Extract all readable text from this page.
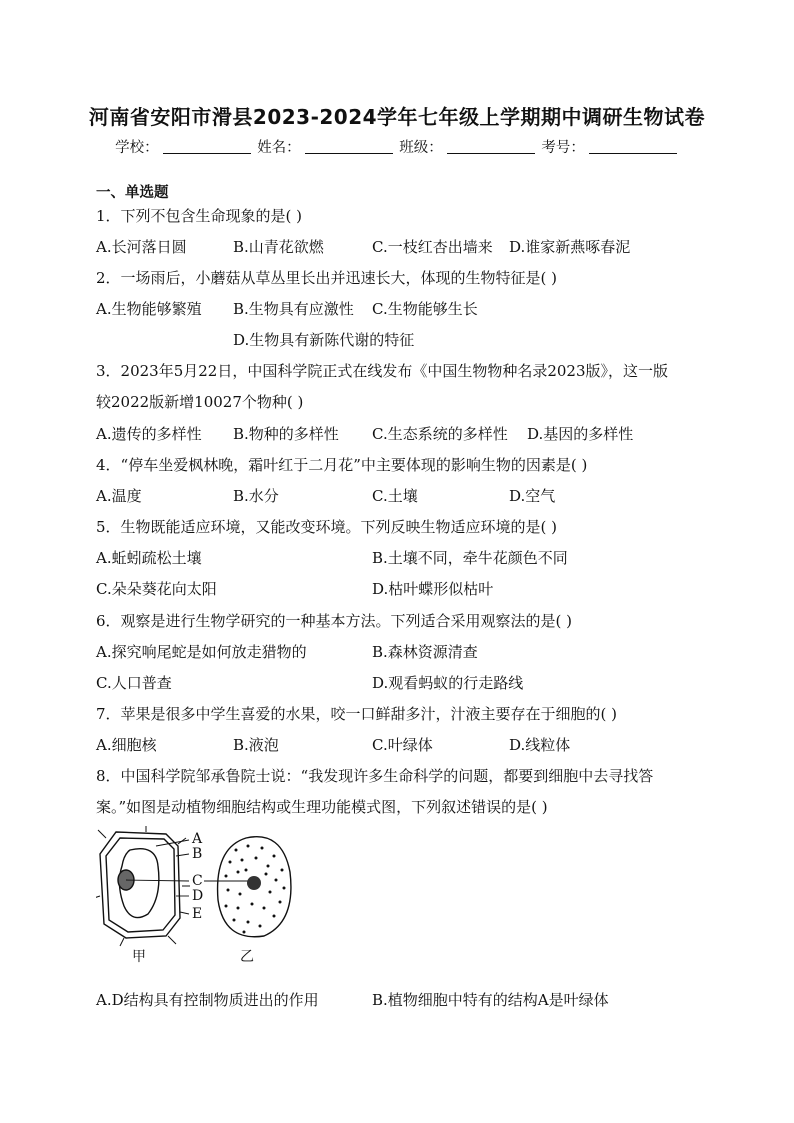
河南省安阳市滑县2023-2024学年七年级上学期期中调研生物试卷
学校：	姓名：	班级：	考号：
一、单选题
1．下列不包含生命现象的是( )
A.长河落日圆	B.山青花欲燃	C.一枝红杏出墙来 D.谁家新燕啄春泥
2．一场雨后，小蘑菇从草丛里长出并迅速长大，体现的生物特征是( )
A.生物能够繁殖 B.生物具有应激性 C.生物能够生长
D.生物具有新陈代谢的特征
3．2023年5月22日，中国科学院正式在线发布《中国生物物种名录2023版》，这一版
较2022版新增10027个物种( )
A.遗传的多样性 B.物种的多样性 C.生态系统的多样性 D.基因的多样性
4．“停车坐爱枫林晚，霜叶红于二月花”中主要体现的影响生物的因素是( )
A.温度	B.水分	C.土壤	D.空气
5．生物既能适应环境，又能改变环境。下列反映生物适应环境的是( )
A.蚯蚓疏松土壤	B.土壤不同，牵牛花颜色不同
C.朵朵葵花向太阳	D.枯叶蝶形似枯叶
6．观察是进行生物学研究的一种基本方法。下列适合采用观察法的是( )
A.探究响尾蛇是如何放走猎物的	B.森林资源清查
C.人口普查	D.观看蚂蚁的行走路线
7．苹果是很多中学生喜爱的水果，咬一口鲜甜多汁，汁液主要存在于细胞的( )
A.细胞核	B.液泡	C.叶绿体	D.线粒体
8．中国科学院邹承鲁院士说：“我发现许多生命科学的问题，都要到细胞中去寻找答
案。”如图是动植物细胞结构或生理功能模式图，下列叙述错误的是( )
A
B
C
D
E
甲	乙
A.D结构具有控制物质进出的作用	B.植物细胞中特有的结构A是叶绿体
